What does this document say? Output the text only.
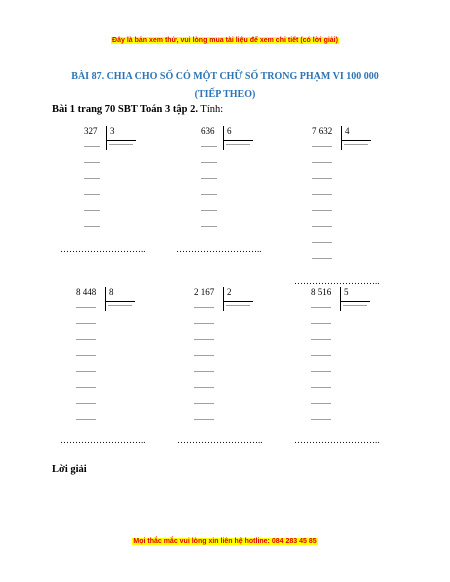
Đây là bản xem thử, vui lòng mua tài liệu để xem chi tiết (có lời giải)
BÀI 87. CHIA CHO SỐ CÓ MỘT CHỮ SỐ TRONG PHẠM VI 100 000
(TIẾP THEO)
Bài 1 trang 70 SBT Toán 3 tập 2. Tính:
327 3
............
........
........
........
........
........
........
636 6
............
........
........
........
........
........
........
7 632 4
............
..........
..........
..........
..........
..........
..........
..........
..........
………………………..	………………………..
………………………..
8 448 8
............
..........
..........
..........
..........
..........
..........
..........
..........
2 167 2
............
..........
..........
..........
..........
..........
..........
..........
..........
8 516 5
............
..........
..........
..........
..........
..........
..........
..........
..........
………………………..	………………………..	………………………..
Lời giải
Mọi thắc mắc vui lòng xin liên hệ hotline: 084 283 45 85
